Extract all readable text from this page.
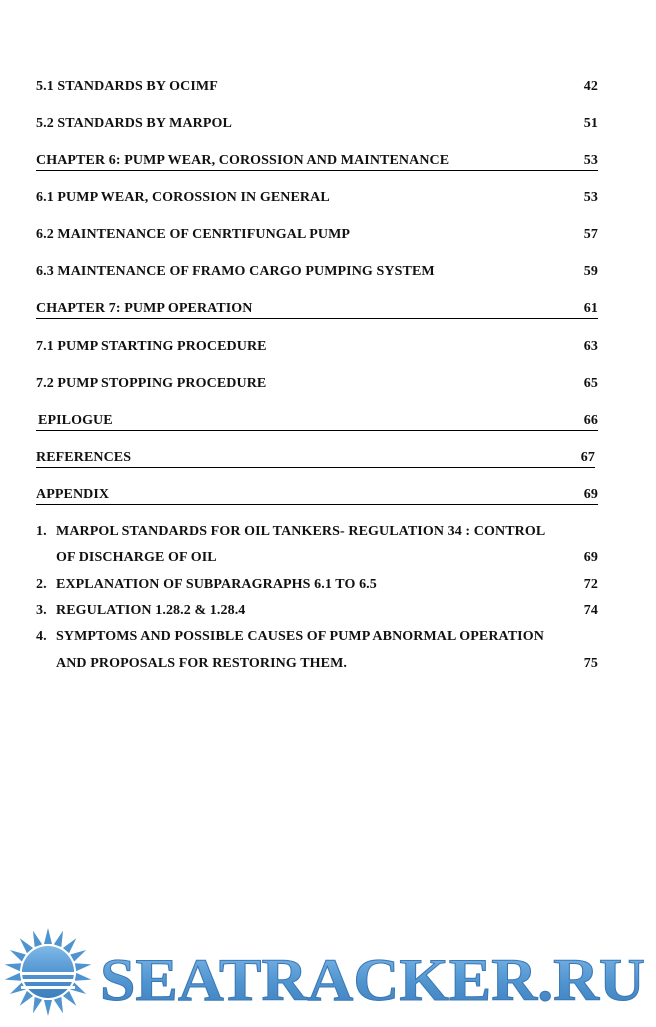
5.1 STANDARDS BY OCIMF	42
5.2 STANDARDS BY MARPOL	51
CHAPTER 6: PUMP WEAR, COROSSION AND MAINTENANCE	53
6.1 PUMP WEAR, COROSSION IN GENERAL	53
6.2 MAINTENANCE OF CENRTIFUNGAL PUMP	57
6.3 MAINTENANCE OF FRAMO CARGO PUMPING SYSTEM	59
CHAPTER 7: PUMP OPERATION	61
7.1 PUMP STARTING PROCEDURE	63
7.2 PUMP STOPPING PROCEDURE	65
EPILOGUE	66
REFERENCES	67
APPENDIX	69
1. MARPOL STANDARDS FOR OIL TANKERS- REGULATION 34 : CONTROL
OF DISCHARGE OF OIL	69
2. EXPLANATION OF SUBPARAGRAPHS 6.1 TO 6.5	72
3. REGULATION 1.28.2 & 1.28.4	74
4. SYMPTOMS AND POSSIBLE CAUSES OF PUMP ABNORMAL OPERATION
AND PROPOSALS FOR RESTORING THEM.	75
SEATRACKER.RU
